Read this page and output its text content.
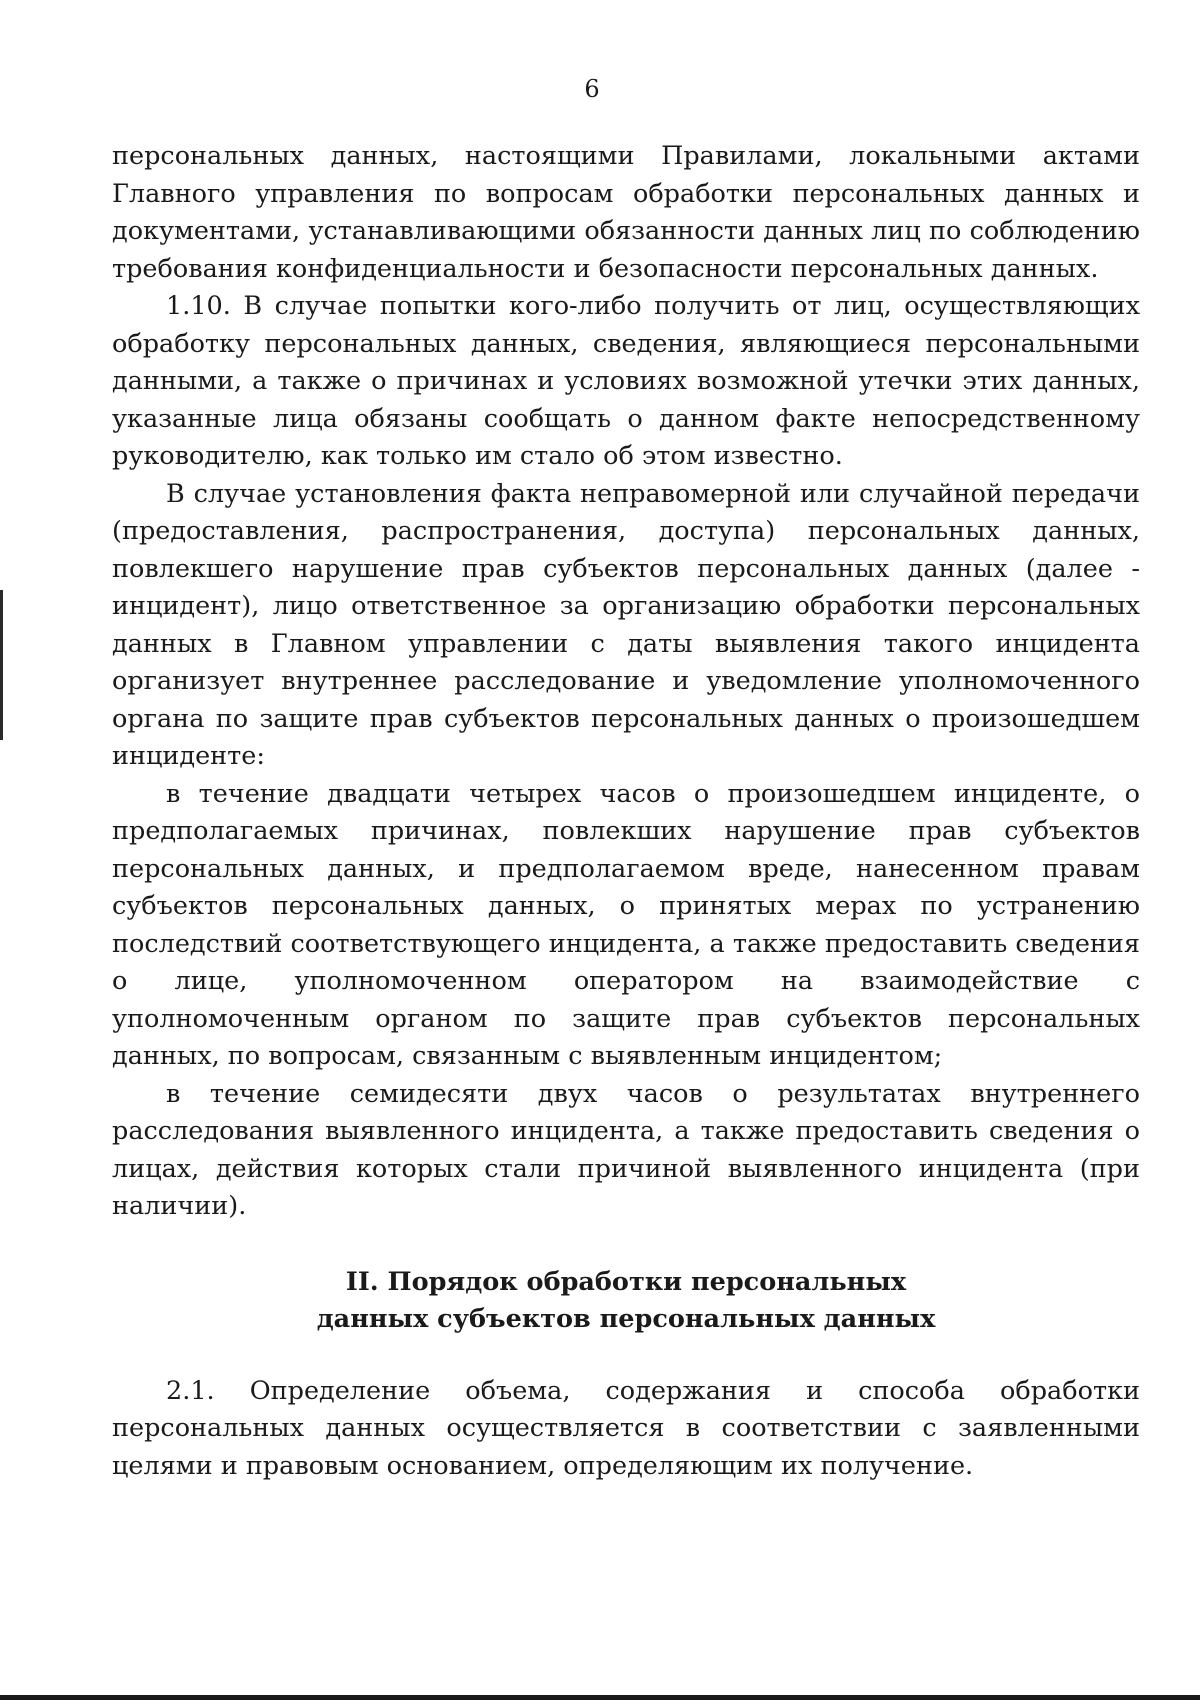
6

персональных данных, настоящими Правилами, локальными актами Главного управления по вопросам обработки персональных данных и документами, устанавливающими обязанности данных лиц по соблюдению требования конфиденциальности и безопасности персональных данных.

1.10. В случае попытки кого-либо получить от лиц, осуществляющих обработку персональных данных, сведения, являющиеся персональными данными, а также о причинах и условиях возможной утечки этих данных, указанные лица обязаны сообщать о данном факте непосредственному руководителю, как только им стало об этом известно.

В случае установления факта неправомерной или случайной передачи (предоставления, распространения, доступа) персональных данных, повлекшего нарушение прав субъектов персональных данных (далее - инцидент), лицо ответственное за организацию обработки персональных данных в Главном управлении с даты выявления такого инцидента организует внутреннее расследование и уведомление уполномоченного органа по защите прав субъектов персональных данных о произошедшем инциденте:

в течение двадцати четырех часов о произошедшем инциденте, о предполагаемых причинах, повлекших нарушение прав субъектов персональных данных, и предполагаемом вреде, нанесенном правам субъектов персональных данных, о принятых мерах по устранению последствий соответствующего инцидента, а также предоставить сведения о лице, уполномоченном оператором на взаимодействие с уполномоченным органом по защите прав субъектов персональных данных, по вопросам, связанным с выявленным инцидентом;

в течение семидесяти двух часов о результатах внутреннего расследования выявленного инцидента, а также предоставить сведения о лицах, действия которых стали причиной выявленного инцидента (при наличии).

II. Порядок обработки персональных
данных субъектов персональных данных

2.1. Определение объема, содержания и способа обработки персональных данных осуществляется в соответствии с заявленными целями и правовым основанием, определяющим их получение.
